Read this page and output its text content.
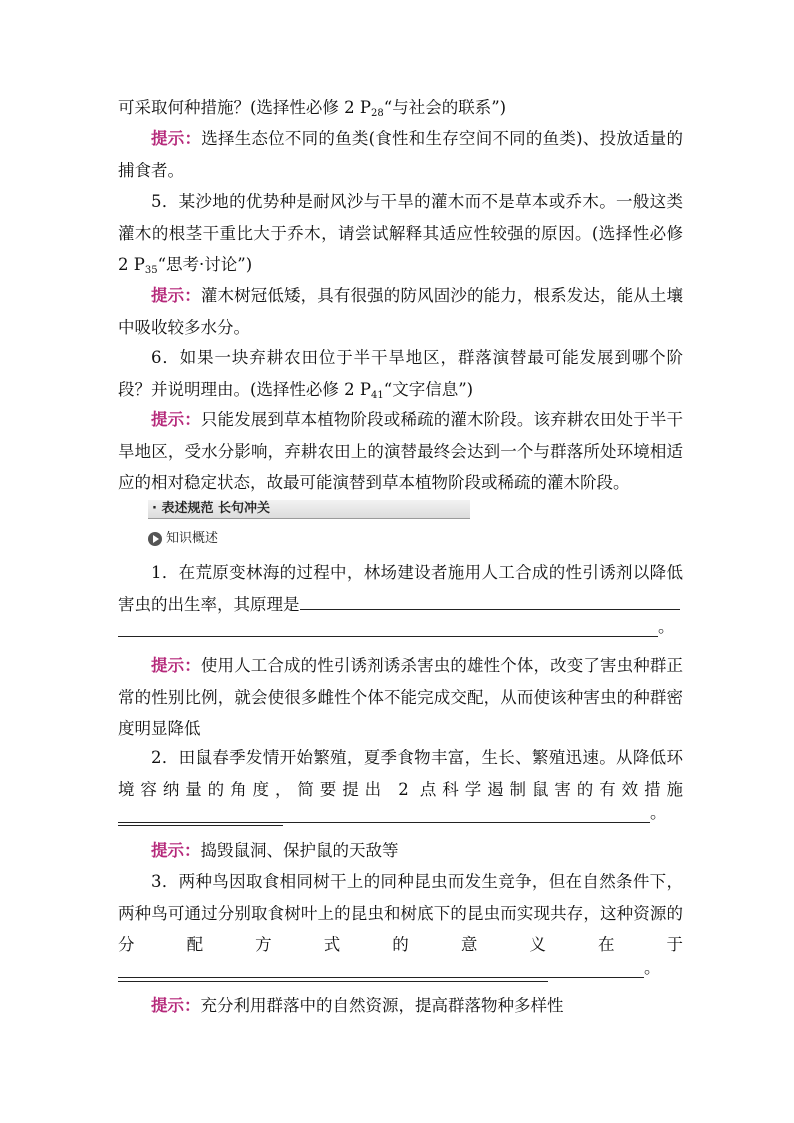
可采取何种措施？(选择性必修 2 $P_{28}“$与社会的联系”)
提示：选择生态位不同的鱼类(食性和生存空间不同的鱼类)、投放适量的捕食者。
5．某沙地的优势种是耐风沙与干旱的灌木而不是草本或乔木。一般这类灌木的根茎干重比大于乔木，请尝试解释其适应性较强的原因。(选择性必修 2 $P_{35}“$思考·讨论”)
提示：灌木树冠低矮，具有很强的防风固沙的能力，根系发达，能从土壤中吸收较多水分。
6．如果一块弃耕农田位于半干旱地区，群落演替最可能发展到哪个阶段？并说明理由。(选择性必修 2 $P_{41}“$文字信息”)
提示：只能发展到草本植物阶段或稀疏的灌木阶段。该弃耕农田处于半干旱地区，受水分影响，弃耕农田上的演替最终会达到一个与群落所处环境相适应的相对稳定状态，故最可能演替到草本植物阶段或稀疏的灌木阶段。
· 表述规范 长句冲关
知识概述
1．在荒原变林海的过程中，林场建设者施用人工合成的性引诱剂以降低害虫的出生率，其原理是
。
提示：使用人工合成的性引诱剂诱杀害虫的雄性个体，改变了害虫种群正常的性别比例，就会使很多雌性个体不能完成交配，从而使该种害虫的种群密度明显降低
2．田鼠春季发情开始繁殖，夏季食物丰富，生长、繁殖迅速。从降低环境容纳量的角度，简要提出 2 点科学遏制鼠害的有效措施
。
提示：捣毁鼠洞、保护鼠的天敌等
3．两种鸟因取食相同树干上的同种昆虫而发生竞争，但在自然条件下，两种鸟可通过分别取食树叶上的昆虫和树底下的昆虫而实现共存，这种资源的分配方式的意义在于
。
提示：充分利用群落中的自然资源，提高群落物种多样性
